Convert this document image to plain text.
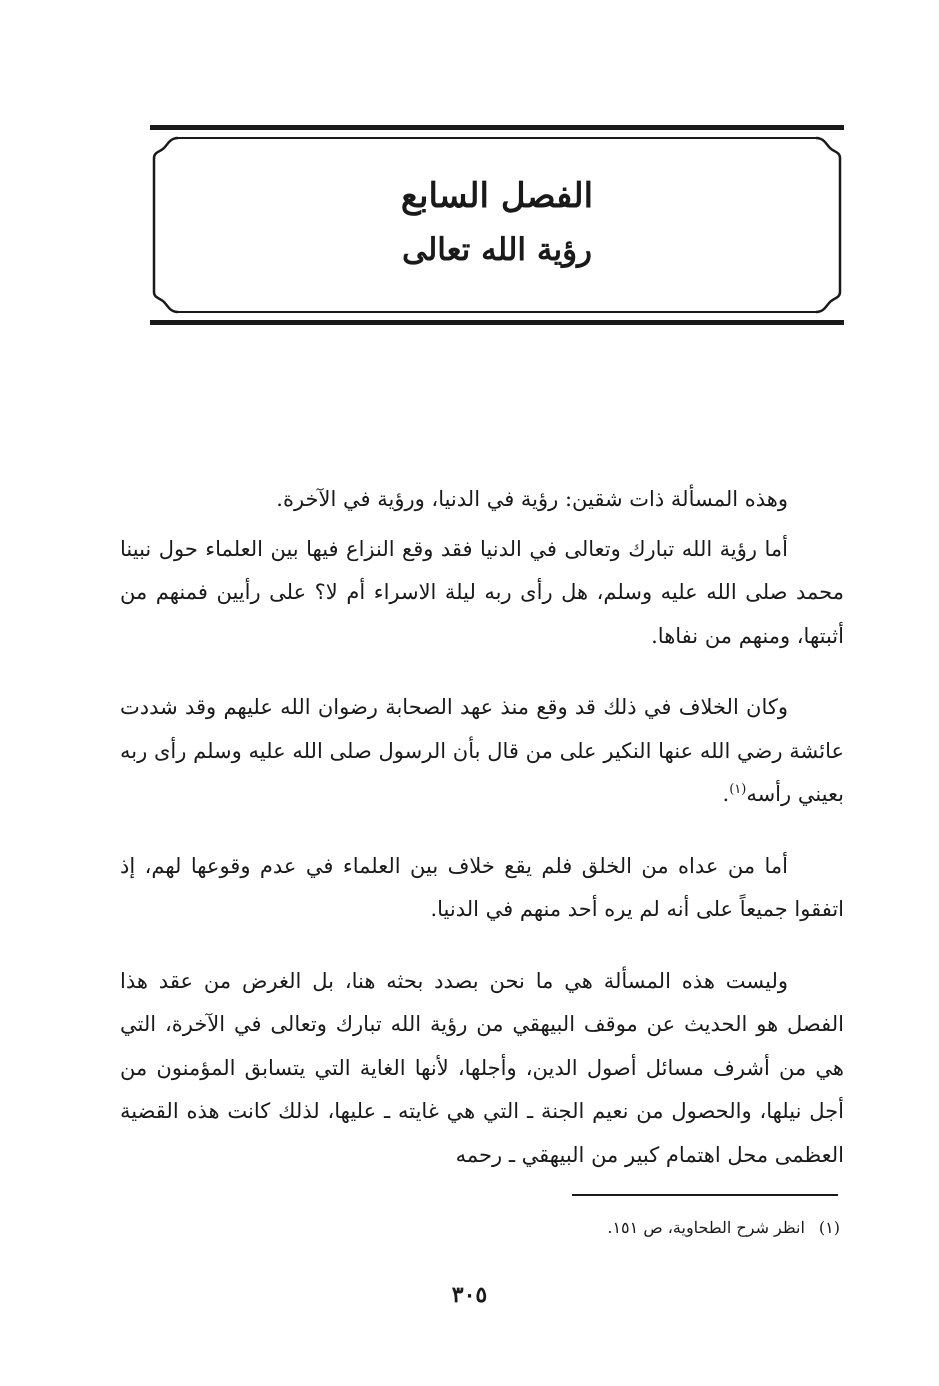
الفصل السابع
رؤية الله تعالى

وهذه المسألة ذات شقين: رؤية في الدنيا، ورؤية في الآخرة.

أما رؤية الله تبارك وتعالى في الدنيا فقد وقع النزاع فيها بين العلماء حول نبينا محمد صلى الله عليه وسلم، هل رأى ربه ليلة الاسراء أم لا؟ على رأيين فمنهم من أثبتها، ومنهم من نفاها.

وكان الخلاف في ذلك قد وقع منذ عهد الصحابة رضوان الله عليهم وقد شددت عائشة رضي الله عنها النكير على من قال بأن الرسول صلى الله عليه وسلم رأى ربه بعيني رأسه$^{(١)}$.

أما من عداه من الخلق فلم يقع خلاف بين العلماء في عدم وقوعها لهم، إذ اتفقوا جميعاً على أنه لم يره أحد منهم في الدنيا.

وليست هذه المسألة هي ما نحن بصدد بحثه هنا، بل الغرض من عقد هذا الفصل هو الحديث عن موقف البيهقي من رؤية الله تبارك وتعالى في الآخرة، التي هي من أشرف مسائل أصول الدين، وأجلها، لأنها الغاية التي يتسابق المؤمنون من أجل نيلها، والحصول من نعيم الجنة ـ التي هي غايته ـ عليها، لذلك كانت هذه القضية العظمى محل اهتمام كبير من البيهقي ـ رحمه

(١)انظر شرح الطحاوية، ص ١٥١.

٣٠٥
